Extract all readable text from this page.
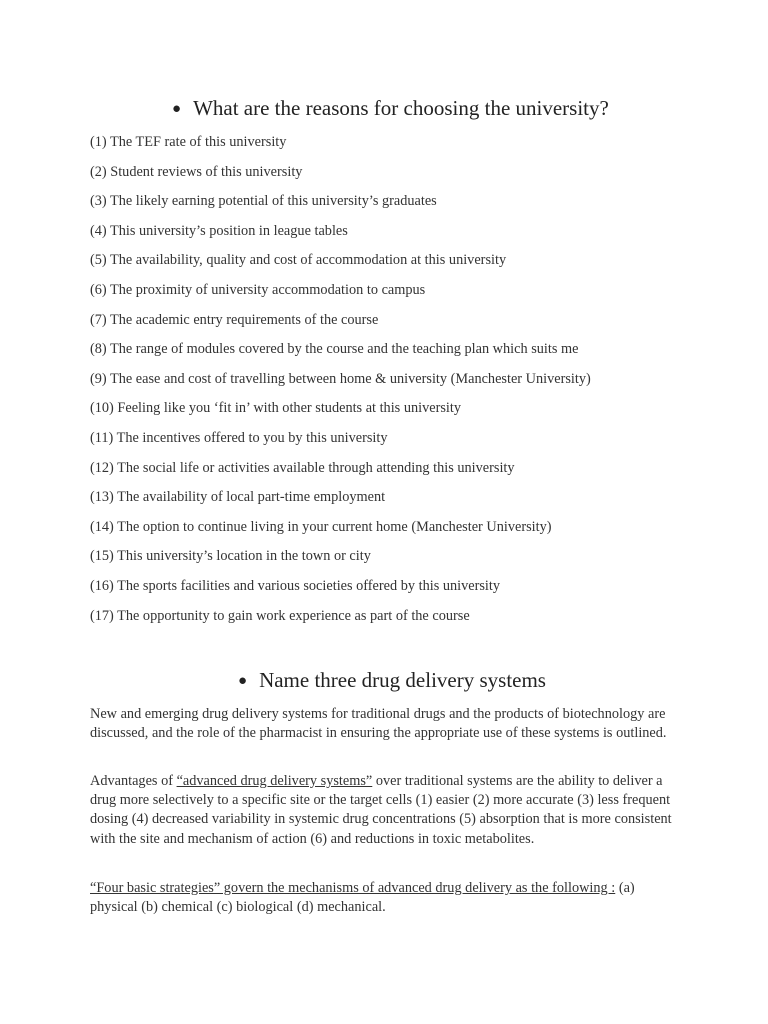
● What are the reasons for choosing the university?
(1) The TEF rate of this university
(2) Student reviews of this university
(3) The likely earning potential of this university’s graduates
(4) This university’s position in league tables
(5) The availability, quality and cost of accommodation at this university
(6) The proximity of university accommodation to campus
(7) The academic entry requirements of the course
(8) The range of modules covered by the course and the teaching plan which suits me
(9) The ease and cost of travelling between home & university (Manchester University)
(10) Feeling like you ‘fit in’ with other students at this university
(11) The incentives offered to you by this university
(12) The social life or activities available through attending this university
(13) The availability of local part-time employment
(14) The option to continue living in your current home (Manchester University)
(15) This university’s location in the town or city
(16) The sports facilities and various societies offered by this university
(17) The opportunity to gain work experience as part of the course
● Name three drug delivery systems

New and emerging drug delivery systems for traditional drugs and the products of biotechnology are discussed, and the role of the pharmacist in ensuring the appropriate use of these systems is outlined.

Advantages of “advanced drug delivery systems” over traditional systems are the ability to deliver a drug more selectively to a specific site or the target cells (1) easier (2) more accurate (3) less frequent dosing (4) decreased variability in systemic drug concentrations (5) absorption that is more consistent with the site and mechanism of action (6) and reductions in toxic metabolites.

“Four basic strategies” govern the mechanisms of advanced drug delivery as the following : (a) physical (b) chemical (c) biological (d) mechanical.
